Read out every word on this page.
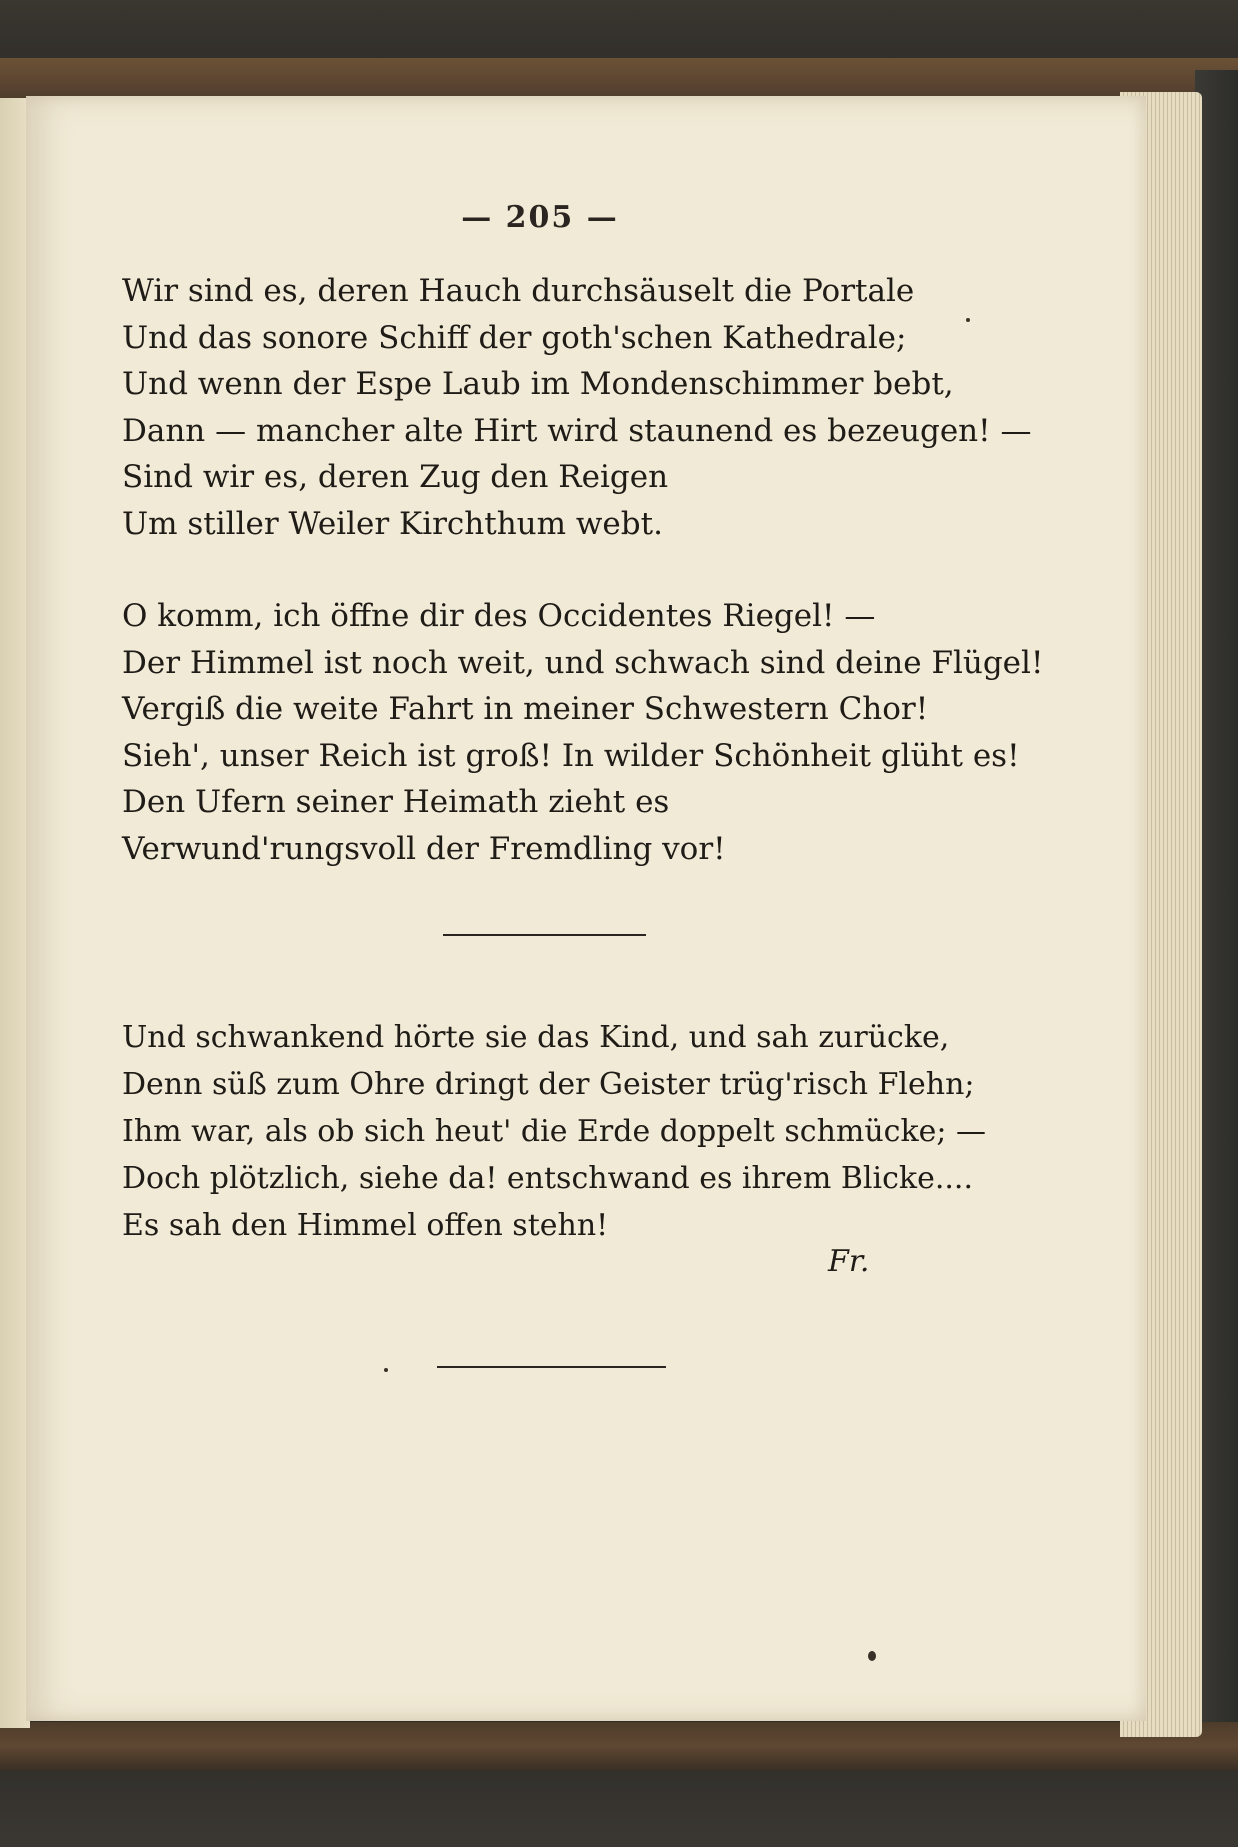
— 205 —
Wir sind es, deren Hauch durchsäuselt die Portale
Und das sonore Schiff der goth'schen Kathedrale;
Und wenn der Espe Laub im Mondenschimmer bebt,
Dann — mancher alte Hirt wird staunend es bezeugen! —
Sind wir es, deren Zug den Reigen
Um stiller Weiler Kirchthum webt.
O komm, ich öffne dir des Occidentes Riegel! —
Der Himmel ist noch weit, und schwach sind deine Flügel!
Vergiß die weite Fahrt in meiner Schwestern Chor!
Sieh', unser Reich ist groß! In wilder Schönheit glüht es!
Den Ufern seiner Heimath zieht es
Verwund'rungsvoll der Fremdling vor!
Und schwankend hörte sie das Kind, und sah zurücke,
Denn süß zum Ohre dringt der Geister trüg'risch Flehn;
Ihm war, als ob sich heut' die Erde doppelt schmücke; —
Doch plötzlich, siehe da! entschwand es ihrem Blicke....
Es sah den Himmel offen stehn!
Fr.
